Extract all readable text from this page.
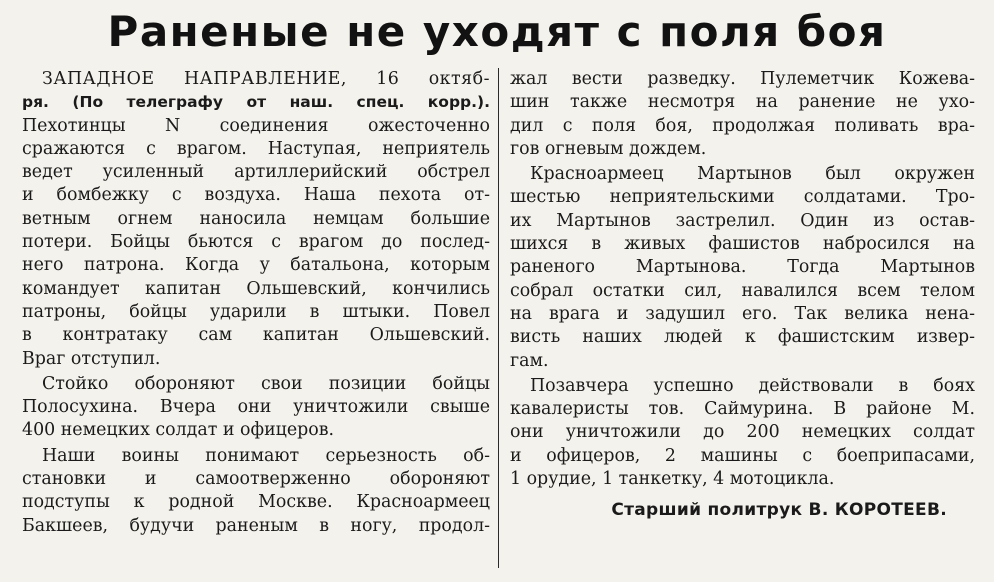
Раненые не уходят с поля боя
ЗАПАДНОЕ НАПРАВЛЕНИЕ, 16 октяб-
ря. (По телеграфу от наш. спец. корр.).
Пехотинцы N соединения ожесточенно
сражаются с врагом. Наступая, неприятель
ведет усиленный артиллерийский обстрел
и бомбежку с воздуха. Наша пехота от-
ветным огнем наносила немцам большие
потери. Бойцы бьются с врагом до послед-
него патрона. Когда у батальона, которым
командует капитан Ольшевский, кончились
патроны, бойцы ударили в штыки. Повел
в контратаку сам капитан Ольшевский.
Враг отступил.
Стойко обороняют свои позиции бойцы
Полосухина. Вчера они уничтожили свыше
400 немецких солдат и офицеров.
Наши воины понимают серьезность об-
становки и самоотверженно обороняют
подступы к родной Москве. Красноармеец
Бакшеев, будучи раненым в ногу, продол-
жал вести разведку. Пулеметчик Кожева-
шин также несмотря на ранение не ухо-
дил с поля боя, продолжая поливать вра-
гов огневым дождем.
Красноармеец Мартынов был окружен
шестью неприятельскими солдатами. Тро-
их Мартынов застрелил. Один из остав-
шихся в живых фашистов набросился на
раненого Мартынова. Тогда Мартынов
собрал остатки сил, навалился всем телом
на врага и задушил его. Так велика нена-
висть наших людей к фашистским извер-
гам.
Позавчера успешно действовали в боях
кавалеристы тов. Саймурина. В районе М.
они уничтожили до 200 немецких солдат
и офицеров, 2 машины с боеприпасами,
1 орудие, 1 танкетку, 4 мотоцикла.
Старший политрук В. КОРОТЕЕВ.
